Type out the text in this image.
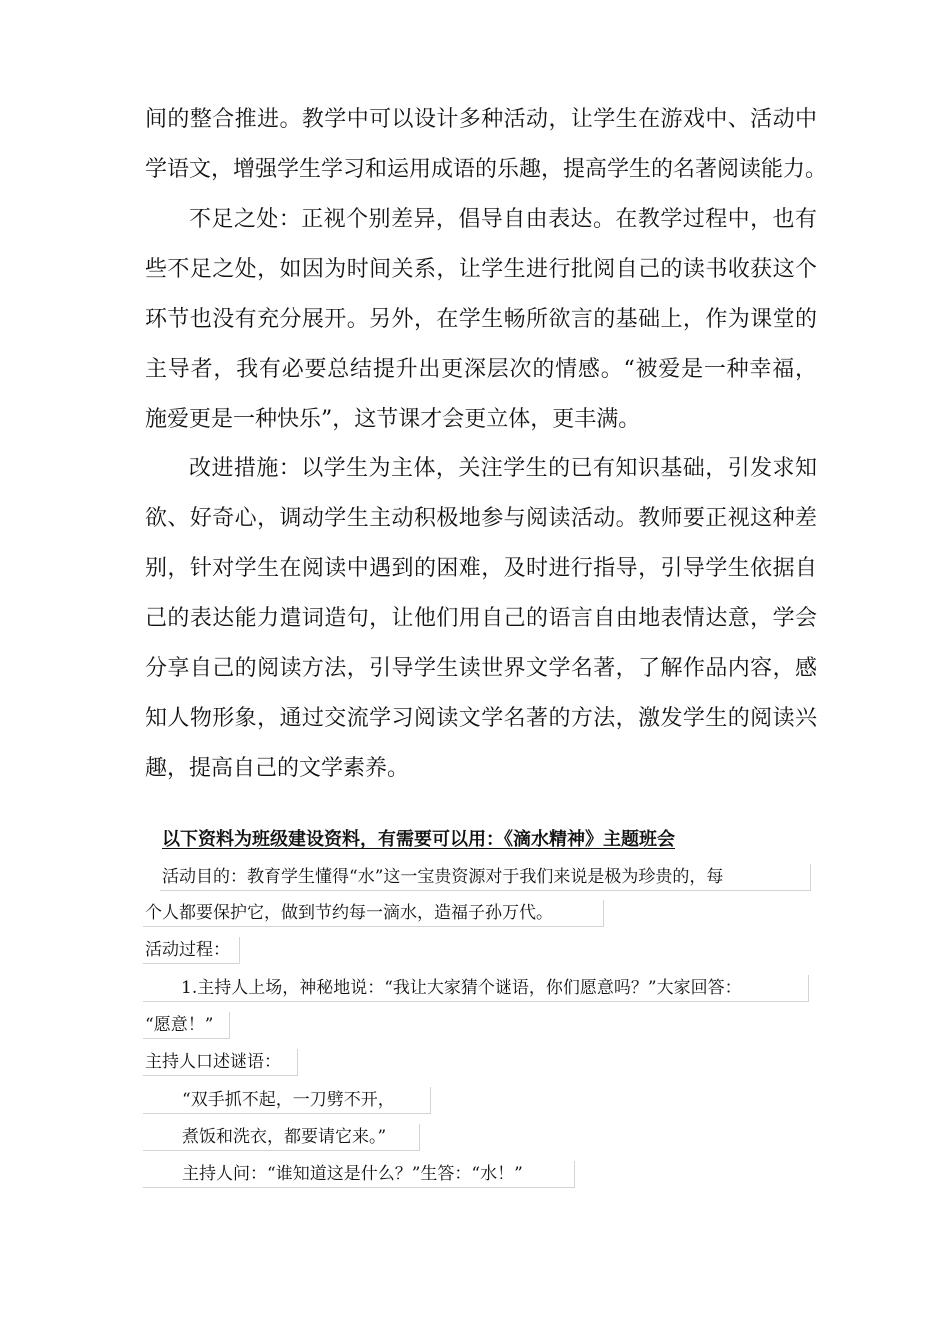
间的整合推进。教学中可以设计多种活动，让学生在游戏中、活动中
学语文，增强学生学习和运用成语的乐趣，提高学生的名著阅读能力。
不足之处：正视个别差异，倡导自由表达。在教学过程中，也有
些不足之处，如因为时间关系，让学生进行批阅自己的读书收获这个
环节也没有充分展开。另外，在学生畅所欲言的基础上，作为课堂的
主导者，我有必要总结提升出更深层次的情感。“被爱是一种幸福，
施爱更是一种快乐”，这节课才会更立体，更丰满。
改进措施：以学生为主体，关注学生的已有知识基础，引发求知
欲、好奇心，调动学生主动积极地参与阅读活动。教师要正视这种差
别，针对学生在阅读中遇到的困难，及时进行指导，引导学生依据自
己的表达能力遣词造句，让他们用自己的语言自由地表情达意，学会
分享自己的阅读方法，引导学生读世界文学名著，了解作品内容，感
知人物形象，通过交流学习阅读文学名著的方法，激发学生的阅读兴
趣，提高自己的文学素养。
以下资料为班级建设资料，有需要可以用：《滴水精神》主题班会
活动目的：教育学生懂得“水”这一宝贵资源对于我们来说是极为珍贵的，每
个人都要保护它，做到节约每一滴水，造福子孙万代。
活动过程：
1.主持人上场，神秘地说：“我让大家猜个谜语，你们愿意吗？”大家回答：
“愿意！”
主持人口述谜语：
“双手抓不起，一刀劈不开，
煮饭和洗衣，都要请它来。”
主持人问：“谁知道这是什么？”生答：“水！”
